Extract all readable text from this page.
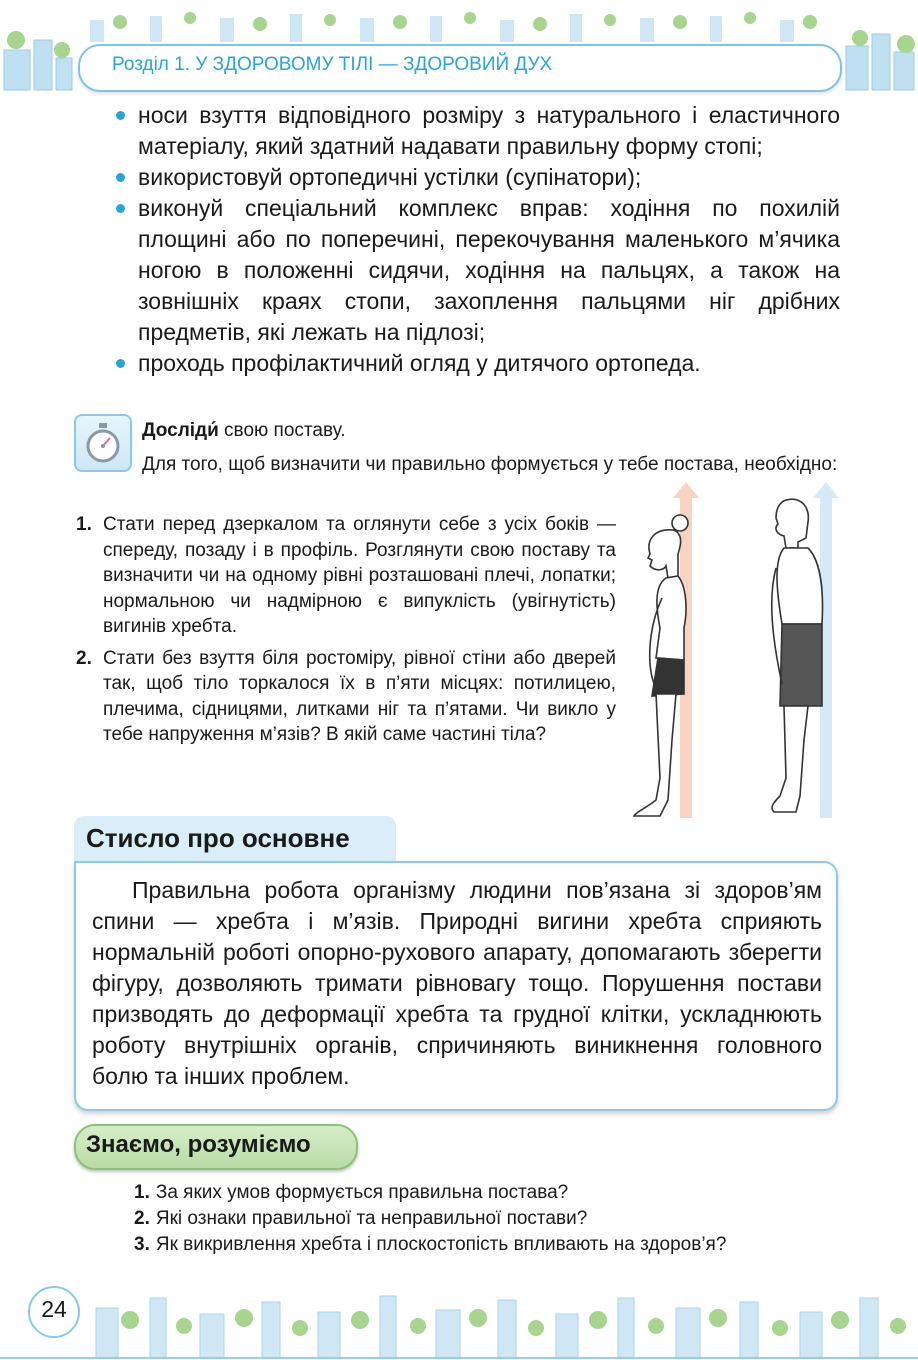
Розділ 1. У ЗДОРОВОМУ ТІЛІ — ЗДОРОВИЙ ДУХ
носи взуття відповідного розміру з натурального і еластичного матеріалу, який здатний надавати правильну форму стопі;
використовуй ортопедичні устілки (супінатори);
виконуй спеціальний комплекс вправ: ходіння по похилій площині або по поперечині, перекочування маленького м’ячика ногою в положенні сидячи, ходіння на пальцях, а також на зовнішніх краях стопи, захоплення пальцями ніг дрібних предметів, які лежать на підлозі;
проходь профілактичний огляд у дитячого ортопеда.
Досліди́ свою поставу.
Для того, щоб визначити чи правильно формується у тебе постава, необхідно:
1. Стати перед дзеркалом та оглянути себе з усіх боків — спереду, позаду і в профіль. Розглянути свою поставу та визначити чи на одному рівні розташовані плечі, лопатки; нормальною чи надмірною є випуклість (увігнутість) вигинів хребта.
2. Стати без взуття біля ростоміру, рівної стіни або дверей так, щоб тіло торкалося їх в п’яти місцях: потилицею, плечима, сідницями, литками ніг та п’ятами. Чи викло у тебе напруження м’язів? В якій саме частині тіла?
Стисло про основне
Правильна робота організму людини пов’язана зі здоров’ям спини — хребта і м’язів. Природні вигини хребта сприяють нормальній роботі опорно-рухового апарату, допомагають зберегти фігуру, дозволяють тримати рівновагу тощо. Порушення постави призводять до деформації хребта та грудної клітки, ускладнюють роботу внутрішніх органів, спричиняють виникнення головного болю та інших проблем.
Знаємо, розуміємо
1. За яких умов формується правильна постава?
2. Які ознаки правильної та неправильної постави?
3. Як викривлення хребта і плоскостопість впливають на здоров’я?
24
